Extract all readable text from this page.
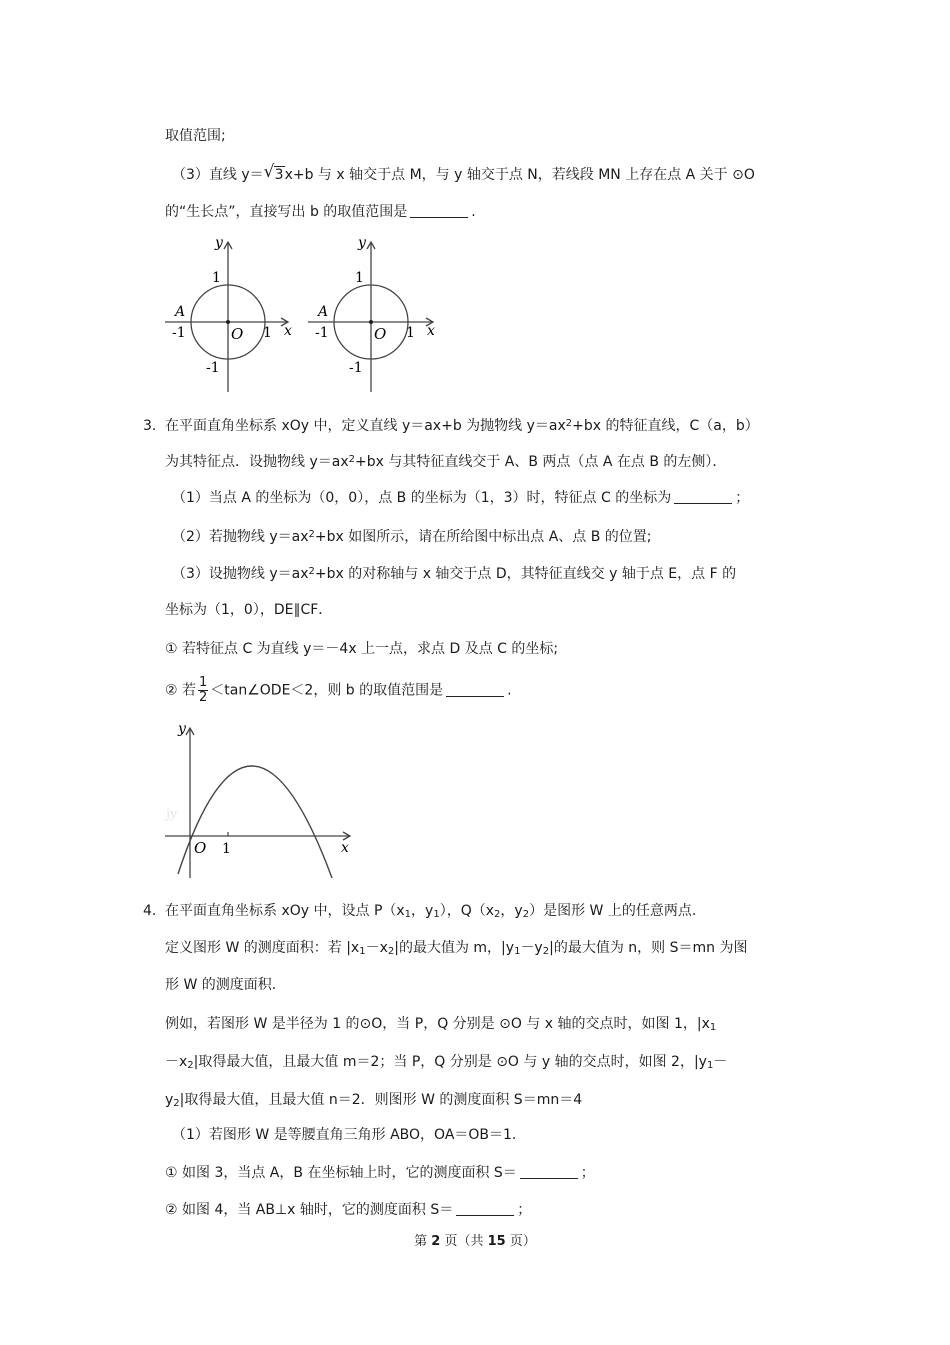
取值范围;
（3）直线 y＝ √ 3x+b 与 x 轴交于点 M，与 y 轴交于点 N，若线段 MN 上存在点 A 关于 ⊙O
的“生长点”，直接写出 b 的取值范围是	.
y
x
O
A
1
1
-1
-1
y
x
O
A
1
1
-1
-1
3. 在平面直角坐标系 xOy 中，定义直线 y＝ax+b 为抛物线 $y=ax^2+bx$ 的特征直线，C（a，b）
为其特征点．设抛物线 $y=ax^2+bx$ 与其特征直线交于 A、B 两点（点 A 在点 B 的左侧）．
（1）当点 A 的坐标为（0，0），点 B 的坐标为（1，3）时，特征点 C 的坐标为	；
（2）若抛物线 $y=ax^2+bx$ 如图所示，请在所给图中标出点 A、点 B 的位置;
（3）设抛物线 $y=ax^2+bx$ 的对称轴与 x 轴交于点 D，其特征直线交 y 轴于点 E，点 F 的
坐标为（1，0），DE∥CF．
① 若特征点 C 为直线 y＝－4x 上一点，求点 D 及点 C 的坐标;
② 若 $\frac{1}{2}$ ＜tan∠ODE＜2，则 b 的取值范围是	.
y
x
O 1
jy
4. 在平面直角坐标系 xOy 中，设点 $P(x_1$，$y_1$），$Q(x_2$，$y_2$）是图形 W 上的任意两点.
定义图形 W 的测度面积：若 $|x_1-x_2|$的最大值为 m，$|y_1-y_2|$的最大值为 n，则 S＝mn 为图
形 W 的测度面积.
例如，若图形 W 是半径为 1 的⊙O，当 P，Q 分别是 ⊙O 与 x 轴的交点时，如图 1，$|x_1$
$-x_2|$取得最大值，且最大值 m＝2；当 P，Q 分别是 ⊙O 与 y 轴的交点时，如图 2，$|y_1-$
$y_2|$取得最大值，且最大值 n＝2．则图形 W 的测度面积 S＝mn＝4
（1）若图形 W 是等腰直角三角形 ABO，OA＝OB＝1.
① 如图 3，当点 A，B 在坐标轴上时，它的测度面积 S＝	；
② 如图 4，当 AB⊥x 轴时，它的测度面积 S＝	；
第 2 页（共 15 页）
